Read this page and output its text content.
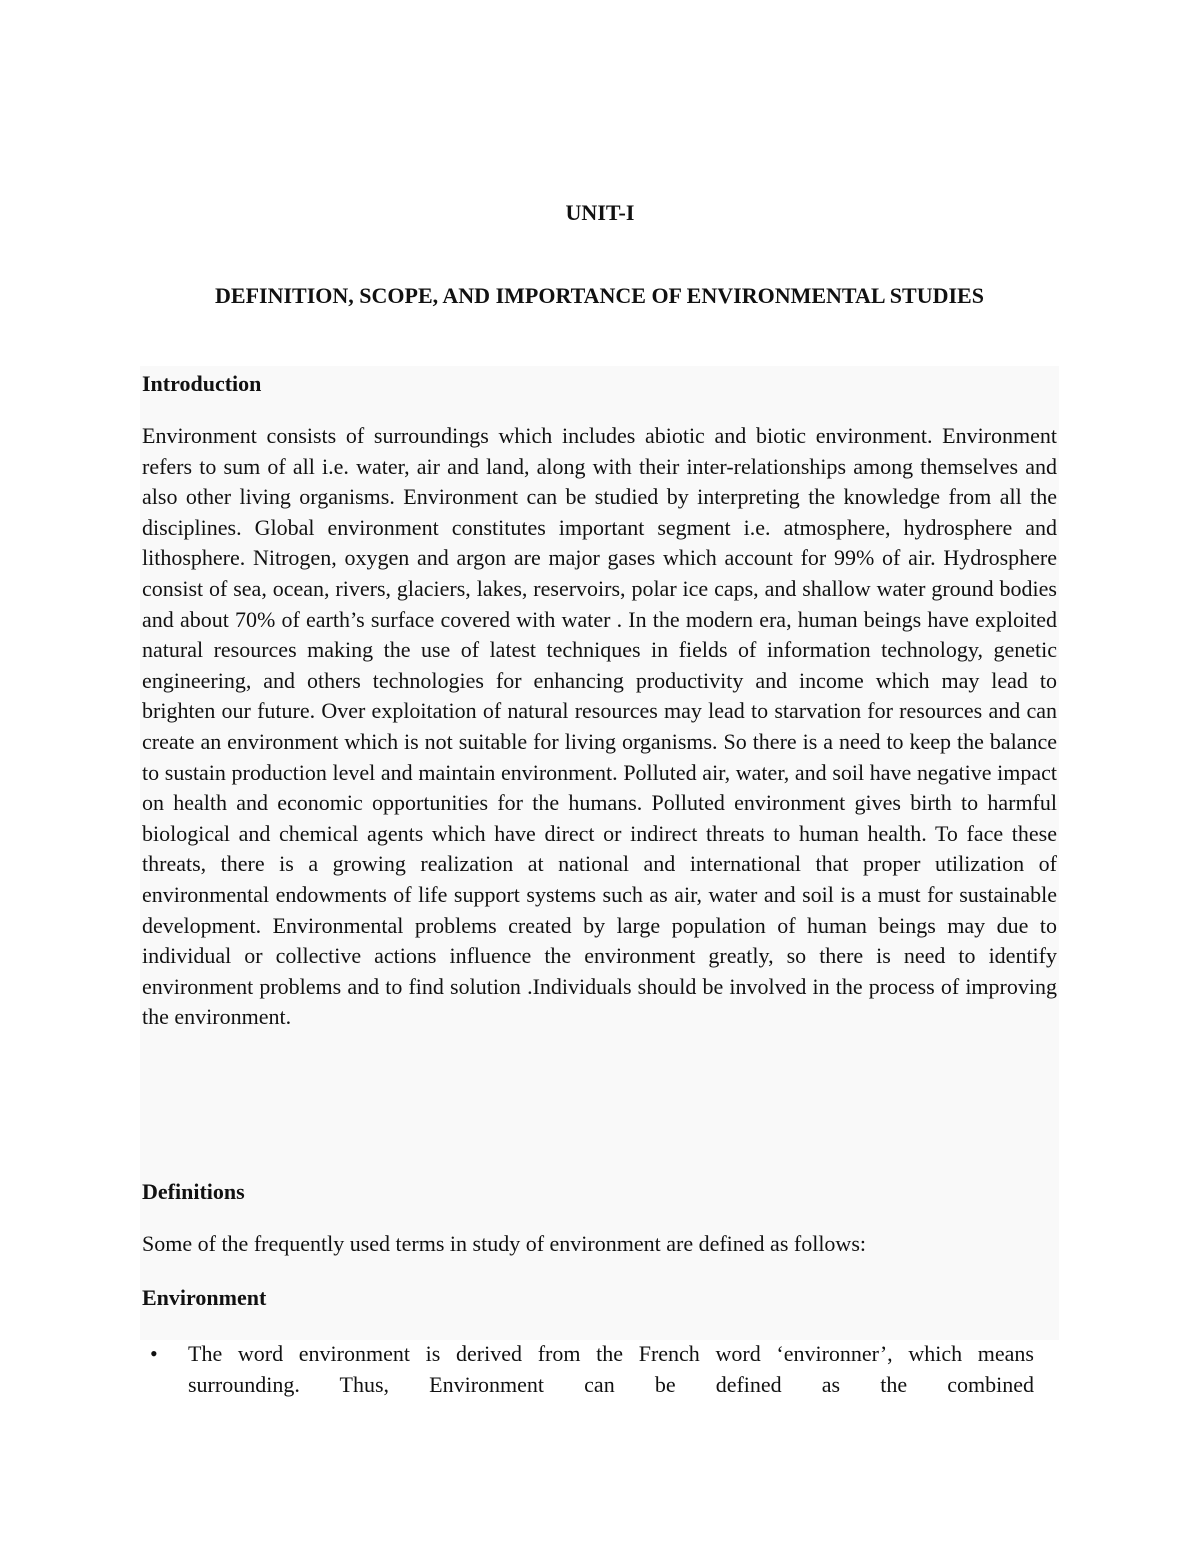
UNIT-I
DEFINITION, SCOPE, AND IMPORTANCE OF ENVIRONMENTAL STUDIES
Introduction

Environment consists of surroundings which includes abiotic and biotic environment. Environment refers to sum of all i.e. water, air and land, along with their inter-relationships among themselves and also other living organisms. Environment can be studied by interpreting the knowledge from all the disciplines. Global environment constitutes important segment i.e. atmosphere, hydrosphere and lithosphere. Nitrogen, oxygen and argon are major gases which account for 99% of air. Hydrosphere consist of sea, ocean, rivers, glaciers, lakes, reservoirs, polar ice caps, and shallow water ground bodies and about 70% of earth’s surface covered with water . In the modern era, human beings have exploited natural resources making the use of latest techniques in fields of information technology, genetic engineering, and others technologies for enhancing productivity and income which may lead to brighten our future. Over exploitation of natural resources may lead to starvation for resources and can create an environment which is not suitable for living organisms. So there is a need to keep the balance to sustain production level and maintain environment. Polluted air, water, and soil have negative impact on health and economic opportunities for the humans. Polluted environment gives birth to harmful biological and chemical agents which have direct or indirect threats to human health. To face these threats, there is a growing realization at national and international that proper utilization of environmental endowments of life support systems such as air, water and soil is a must for sustainable development. Environmental problems created by large population of human beings may due to individual or collective actions influence the environment greatly, so there is need to identify environment problems and to find solution .Individuals should be involved in the process of improving the environment.

Definitions

Some of the frequently used terms in study of environment are defined as follows:

Environment
• The word environment is derived from the French word ‘environner’, which means surrounding. Thus, Environment can be defined as the combined
